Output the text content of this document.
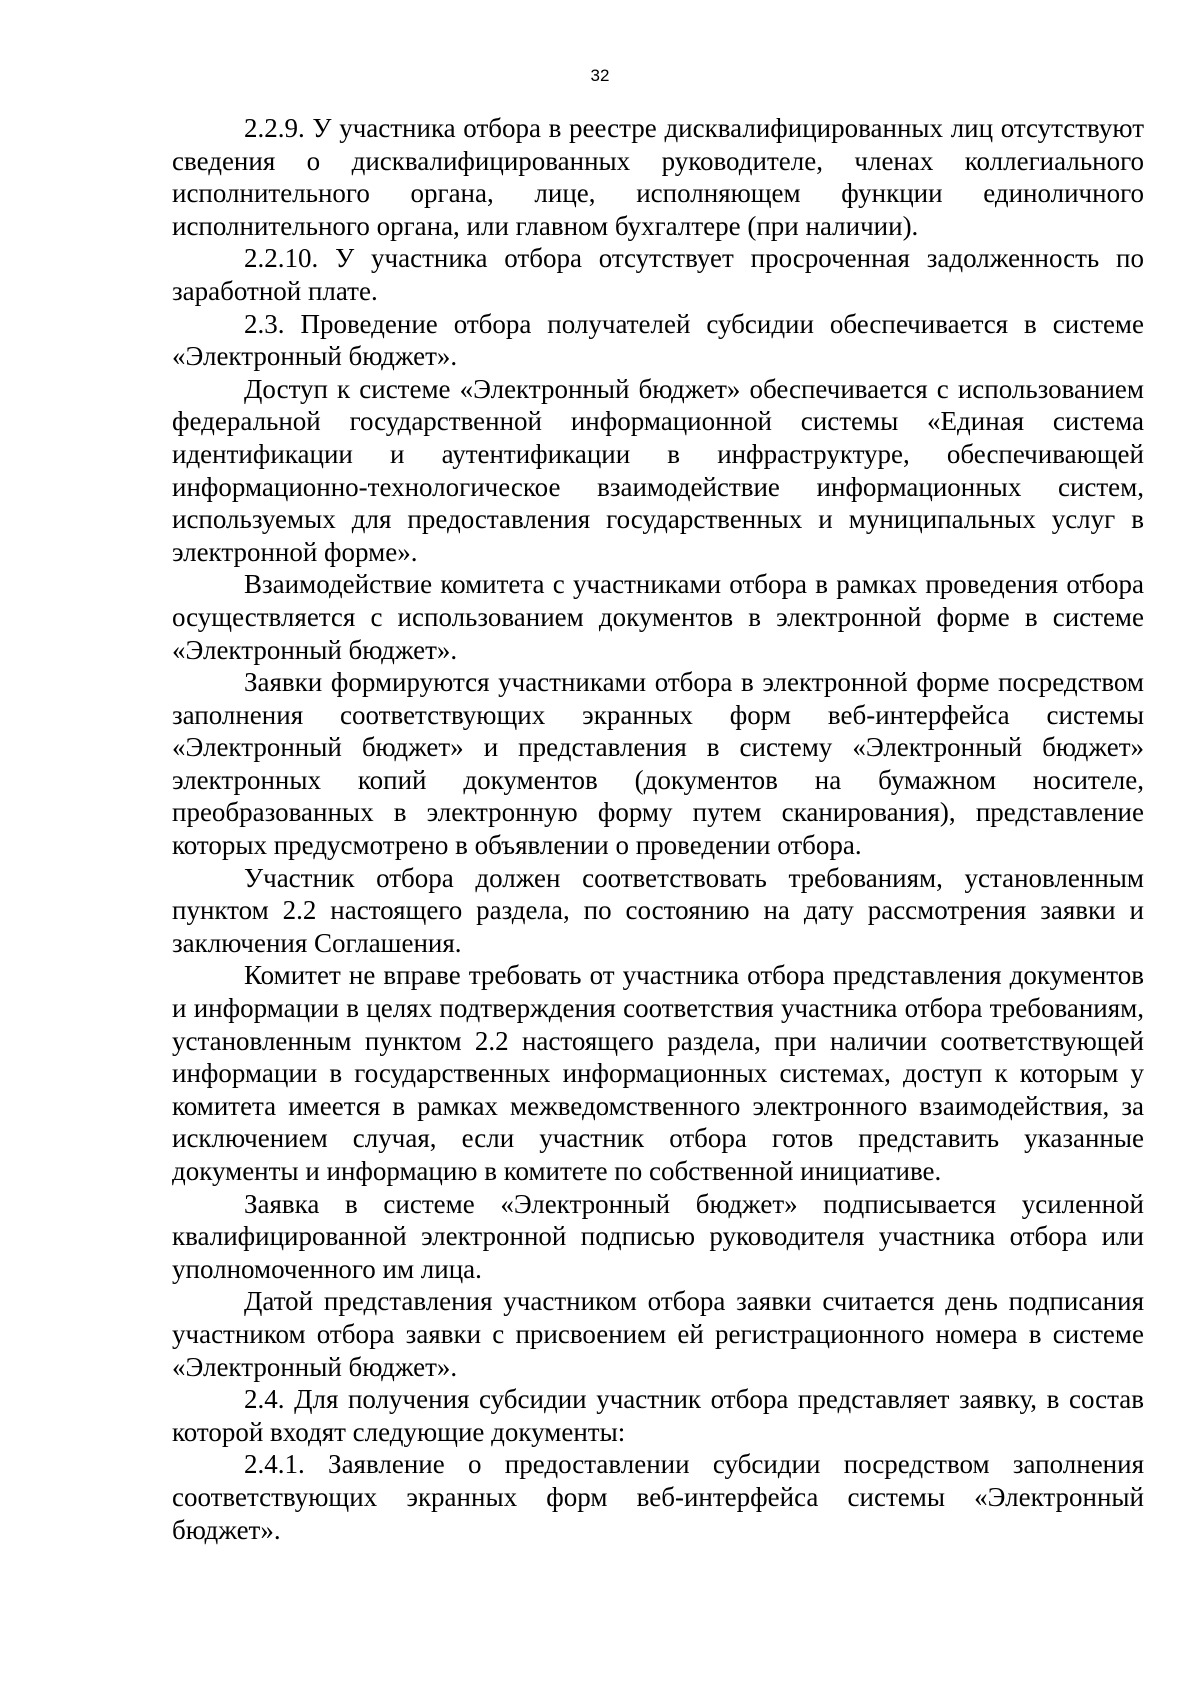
32

2.2.9. У участника отбора в реестре дисквалифицированных лиц отсутствуют сведения о дисквалифицированных руководителе, членах коллегиального исполнительного органа, лице, исполняющем функции единоличного исполнительного органа, или главном бухгалтере (при наличии).

2.2.10. У участника отбора отсутствует просроченная задолженность по заработной плате.

2.3. Проведение отбора получателей субсидии обеспечивается в системе «Электронный бюджет».

Доступ к системе «Электронный бюджет» обеспечивается с использованием федеральной государственной информационной системы «Единая система идентификации и аутентификации в инфраструктуре, обеспечивающей информационно-технологическое взаимодействие информационных систем, используемых для предоставления государственных и муниципальных услуг в электронной форме».

Взаимодействие комитета с участниками отбора в рамках проведения отбора осуществляется с использованием документов в электронной форме в системе «Электронный бюджет».

Заявки формируются участниками отбора в электронной форме посредством заполнения соответствующих экранных форм веб-интерфейса системы «Электронный бюджет» и представления в систему «Электронный бюджет» электронных копий документов (документов на бумажном носителе, преобразованных в электронную форму путем сканирования), представление которых предусмотрено в объявлении о проведении отбора.

Участник отбора должен соответствовать требованиям, установленным пунктом 2.2 настоящего раздела, по состоянию на дату рассмотрения заявки и заключения Соглашения.

Комитет не вправе требовать от участника отбора представления документов и информации в целях подтверждения соответствия участника отбора требованиям, установленным пунктом 2.2 настоящего раздела, при наличии соответствующей информации в государственных информационных системах, доступ к которым у комитета имеется в рамках межведомственного электронного взаимодействия, за исключением случая, если участник отбора готов представить указанные документы и информацию в комитете по собственной инициативе.

Заявка в системе «Электронный бюджет» подписывается усиленной квалифицированной электронной подписью руководителя участника отбора или уполномоченного им лица.

Датой представления участником отбора заявки считается день подписания участником отбора заявки с присвоением ей регистрационного номера в системе «Электронный бюджет».

2.4. Для получения субсидии участник отбора представляет заявку, в состав которой входят следующие документы:

2.4.1. Заявление о предоставлении субсидии посредством заполнения соответствующих экранных форм веб-интерфейса системы «Электронный бюджет».
